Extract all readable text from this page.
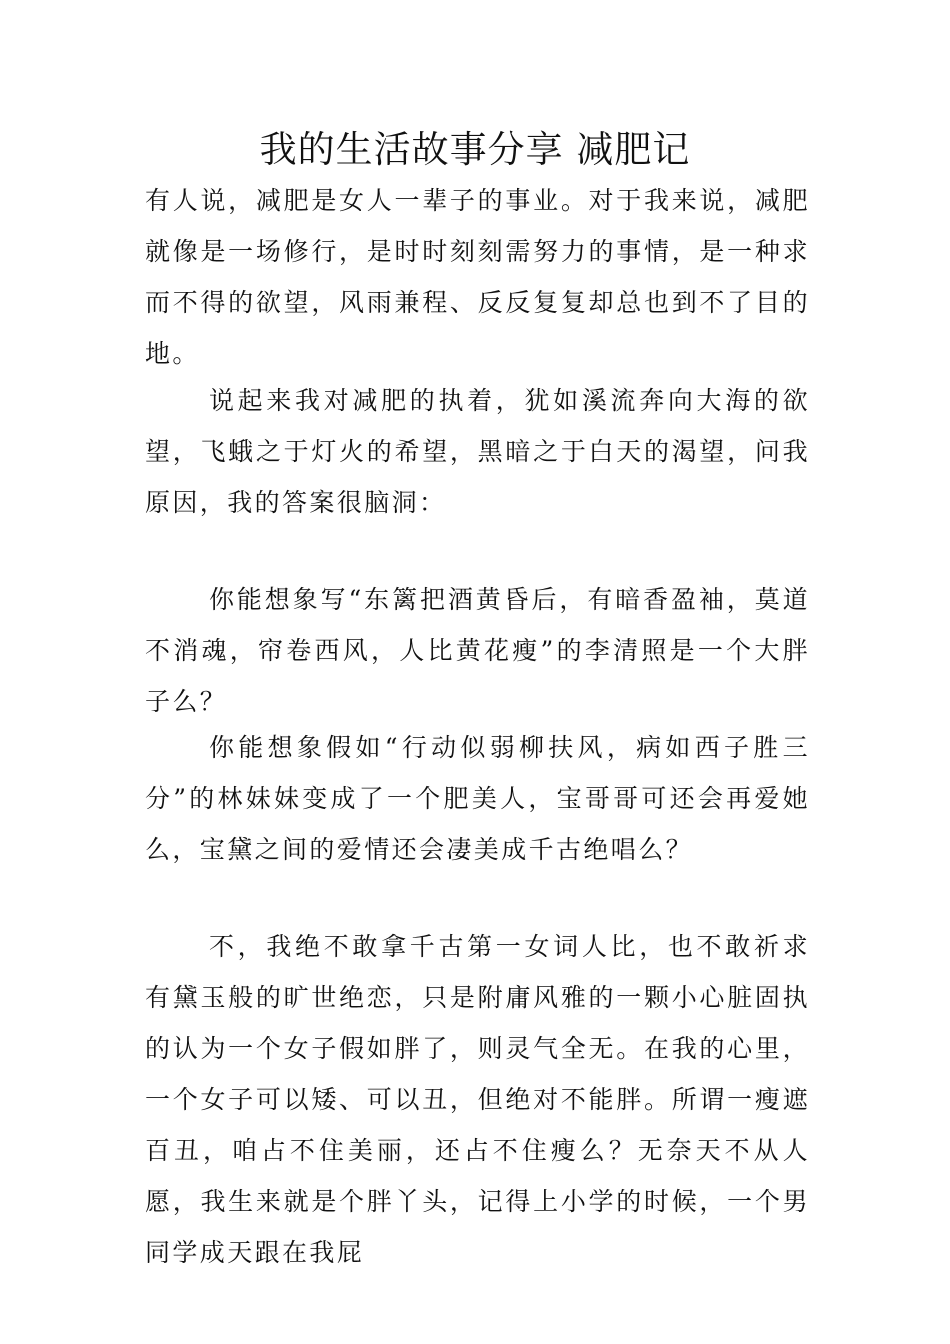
我的生活故事分享 减肥记

有人说，减肥是女人一辈子的事业。对于我来说，减肥就像是一场修行，是时时刻刻需努力的事情，是一种求而不得的欲望，风雨兼程、反反复复却总也到不了目的地。

说起来我对减肥的执着，犹如溪流奔向大海的欲望，飞蛾之于灯火的希望，黑暗之于白天的渴望，问我原因，我的答案很脑洞：

你能想象写“东篱把酒黄昏后，有暗香盈袖，莫道不消魂，帘卷西风，人比黄花瘦”的李清照是一个大胖子么？

你能想象假如“行动似弱柳扶风，病如西子胜三分”的林妹妹变成了一个肥美人，宝哥哥可还会再爱她么，宝黛之间的爱情还会凄美成千古绝唱么？

不，我绝不敢拿千古第一女词人比，也不敢祈求有黛玉般的旷世绝恋，只是附庸风雅的一颗小心脏固执的认为一个女子假如胖了，则灵气全无。在我的心里，一个女子可以矮、可以丑，但绝对不能胖。所谓一瘦遮百丑，咱占不住美丽，还占不住瘦么？无奈天不从人愿，我生来就是个胖丫头，记得上小学的时候，一个男同学成天跟在我屁
